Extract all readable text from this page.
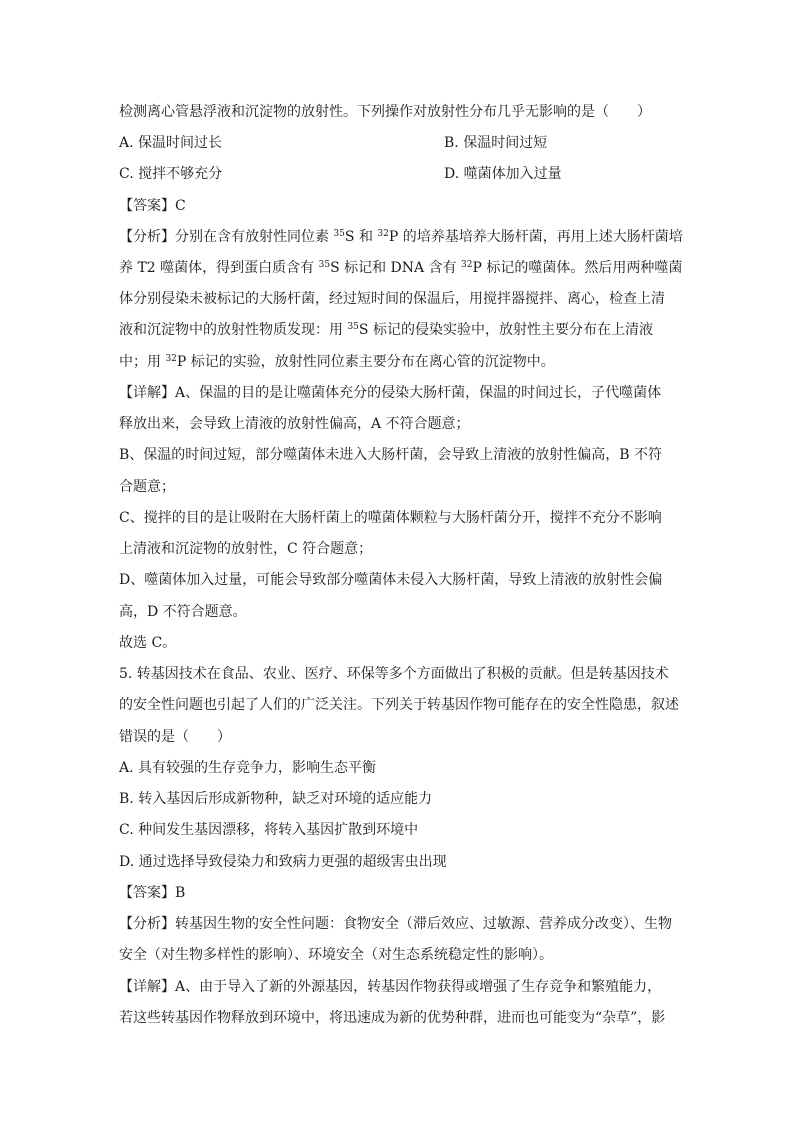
检测离心管悬浮液和沉淀物的放射性。下列操作对放射性分布几乎无影响的是（　　）
A. 保温时间过长	B. 保温时间过短
C. 搅拌不够充分	D. 噬菌体加入过量
【答案】C
【分析】分别在含有放射性同位素 $^{35}$S 和 $^{32}$P 的培养基培养大肠杆菌，再用上述大肠杆菌培
养 T2 噬菌体，得到蛋白质含有 $^{35}$S 标记和 DNA 含有 $^{32}$P 标记的噬菌体。然后用两种噬菌
体分别侵染未被标记的大肠杆菌，经过短时间的保温后，用搅拌器搅拌、离心，检查上清
液和沉淀物中的放射性物质发现：用 $^{35}$S 标记的侵染实验中，放射性主要分布在上清液
中；用 $^{32}$P 标记的实验，放射性同位素主要分布在离心管的沉淀物中。
【详解】A、保温的目的是让噬菌体充分的侵染大肠杆菌，保温的时间过长，子代噬菌体
释放出来，会导致上清液的放射性偏高，A 不符合题意；
B、保温的时间过短，部分噬菌体未进入大肠杆菌，会导致上清液的放射性偏高，B 不符
合题意；
C、搅拌的目的是让吸附在大肠杆菌上的噬菌体颗粒与大肠杆菌分开，搅拌不充分不影响
上清液和沉淀物的放射性，C 符合题意；
D、噬菌体加入过量，可能会导致部分噬菌体未侵入大肠杆菌，导致上清液的放射性会偏
高，D 不符合题意。
故选 C。
5. 转基因技术在食品、农业、医疗、环保等多个方面做出了积极的贡献。但是转基因技术
的安全性问题也引起了人们的广泛关注。下列关于转基因作物可能存在的安全性隐患，叙述
错误的是（　　）
A. 具有较强的生存竞争力，影响生态平衡
B. 转入基因后形成新物种，缺乏对环境的适应能力
C. 种间发生基因漂移，将转入基因扩散到环境中
D. 通过选择导致侵染力和致病力更强的超级害虫出现
【答案】B
【分析】转基因生物的安全性问题：食物安全（滞后效应、过敏源、营养成分改变）、生物
安全（对生物多样性的影响）、环境安全（对生态系统稳定性的影响）。
【详解】A、由于导入了新的外源基因，转基因作物获得或增强了生存竞争和繁殖能力，
若这些转基因作物释放到环境中，将迅速成为新的优势种群，进而也可能变为“杂草”，影
